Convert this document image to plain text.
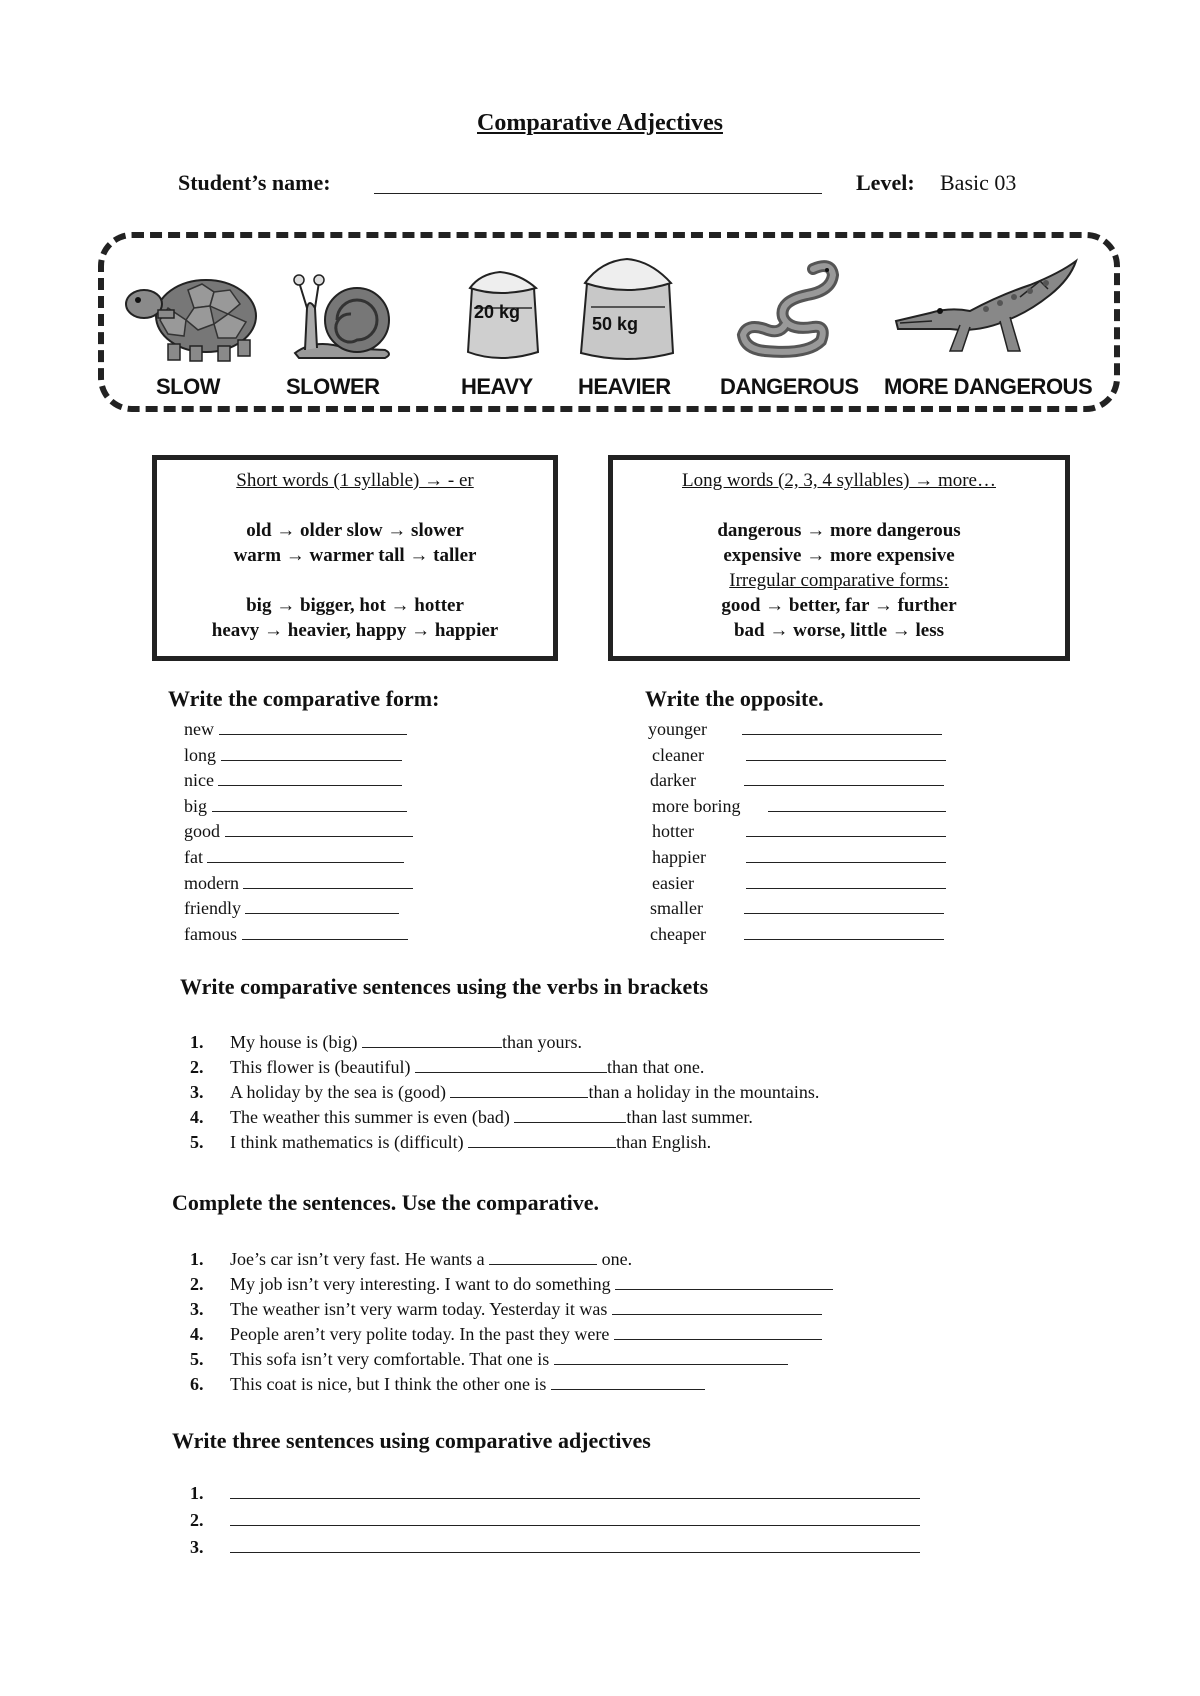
Comparative Adjectives
Student’s name:	Level: Basic 03
20 kg
50 kg
SLOW	SLOWER	HEAVY HEAVIER DANGEROUS MORE DANGEROUS
Short words (1 syllable) → - er
old → older slow → slower
warm → warmer tall → taller
big → bigger, hot → hotter
heavy → heavier, happy → happier
Long words (2, 3, 4 syllables) → more…
dangerous → more dangerous
expensive → more expensive
Irregular comparative forms:
good → better, far → further
bad → worse, little → less
Write the comparative form:
new
long
nice
big
good
fat
modern
friendly
famous
Write the opposite.
younger
cleaner
darker
more boring
hotter
happier
easier
smaller
cheaper
Write comparative sentences using the verbs in brackets
1. My house is (big)	than yours.
2. This flower is (beautiful)	than that one.
3. A holiday by the sea is (good)	than a holiday in the mountains.
4. The weather this summer is even (bad)	than last summer.
5. I think mathematics is (difficult)	than English.
Complete the sentences. Use the comparative.
1. Joe’s car isn’t very fast. He wants a	one.
2. My job isn’t very interesting. I want to do something
3. The weather isn’t very warm today. Yesterday it was
4. People aren’t very polite today. In the past they were
5. This sofa isn’t very comfortable. That one is
6. This coat is nice, but I think the other one is
Write three sentences using comparative adjectives
1.
2.
3.
